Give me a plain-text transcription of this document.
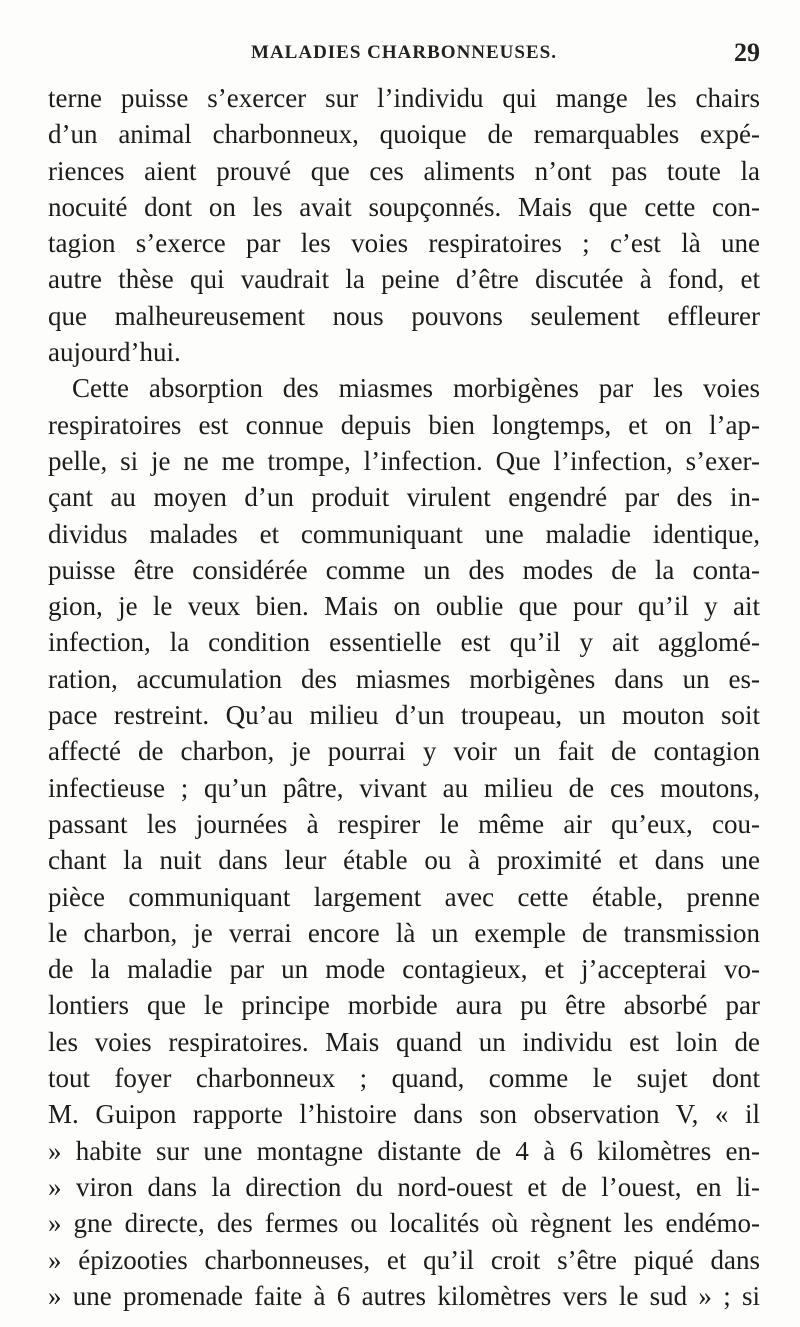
MALADIES CHARBONNEUSES.	29
terne puisse s’exercer sur l’individu qui mange les chairs
d’un animal charbonneux, quoique de remarquables expé-
riences aient prouvé que ces aliments n’ont pas toute la
nocuité dont on les avait soupçonnés. Mais que cette con-
tagion s’exerce par les voies respiratoires ; c’est là une
autre thèse qui vaudrait la peine d’être discutée à fond, et
que malheureusement nous pouvons seulement effleurer
aujourd’hui.
Cette absorption des miasmes morbigènes par les voies
respiratoires est connue depuis bien longtemps, et on l’ap-
pelle, si je ne me trompe, l’infection. Que l’infection, s’exer-
çant au moyen d’un produit virulent engendré par des in-
dividus malades et communiquant une maladie identique,
puisse être considérée comme un des modes de la conta-
gion, je le veux bien. Mais on oublie que pour qu’il y ait
infection, la condition essentielle est qu’il y ait agglomé-
ration, accumulation des miasmes morbigènes dans un es-
pace restreint. Qu’au milieu d’un troupeau, un mouton soit
affecté de charbon, je pourrai y voir un fait de contagion
infectieuse ; qu’un pâtre, vivant au milieu de ces moutons,
passant les journées à respirer le même air qu’eux, cou-
chant la nuit dans leur étable ou à proximité et dans une
pièce communiquant largement avec cette étable, prenne
le charbon, je verrai encore là un exemple de transmission
de la maladie par un mode contagieux, et j’accepterai vo-
lontiers que le principe morbide aura pu être absorbé par
les voies respiratoires. Mais quand un individu est loin de
tout foyer charbonneux ; quand, comme le sujet dont
M. Guipon rapporte l’histoire dans son observation V, « il
» habite sur une montagne distante de 4 à 6 kilomètres en-
» viron dans la direction du nord-ouest et de l’ouest, en li-
» gne directe, des fermes ou localités où règnent les endémo-
» épizooties charbonneuses, et qu’il croit s’être piqué dans
» une promenade faite à 6 autres kilomètres vers le sud » ; si
